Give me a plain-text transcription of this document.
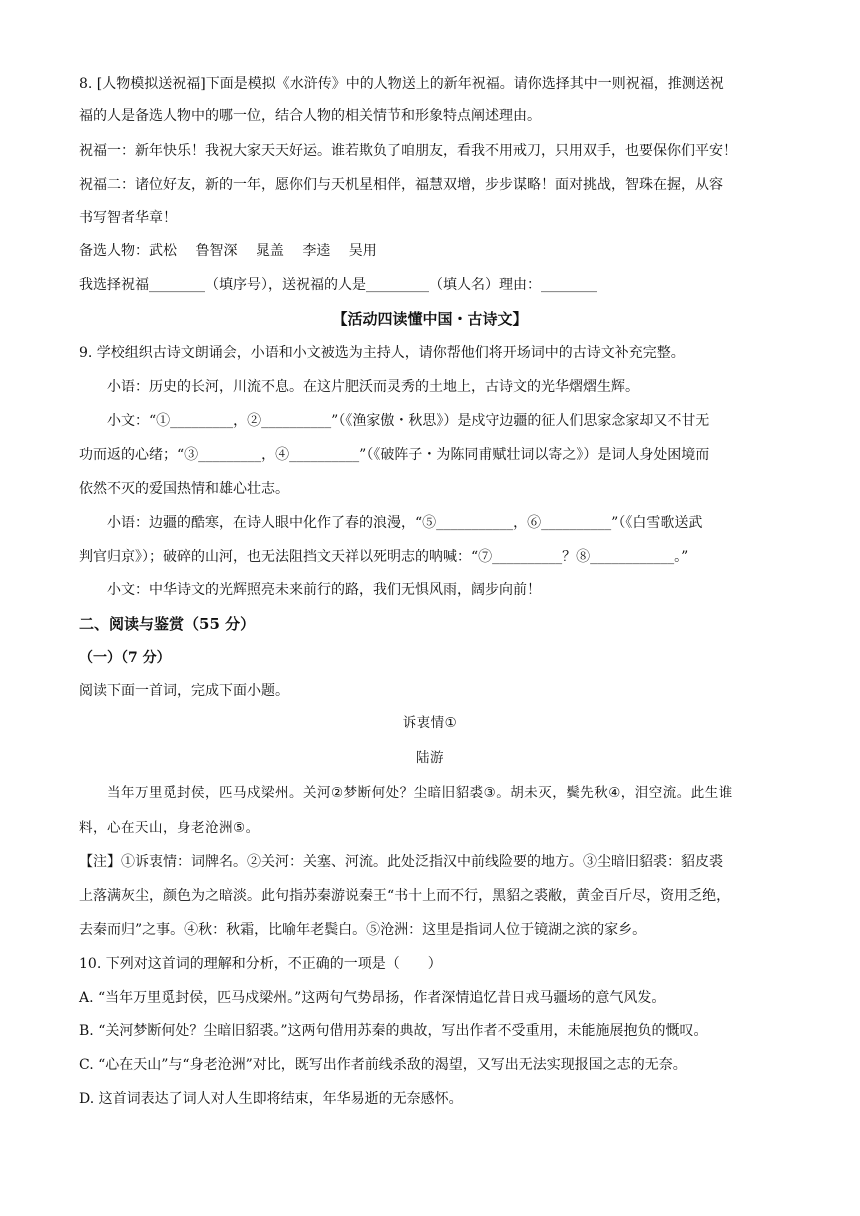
8. [人物模拟送祝福]下面是模拟《水浒传》中的人物送上的新年祝福。请你选择其中一则祝福，推测送祝
福的人是备选人物中的哪一位，结合人物的相关情节和形象特点阐述理由。
祝福一：新年快乐！我祝大家天天好运。谁若欺负了咱朋友，看我不用戒刀，只用双手，也要保你们平安！
祝福二：诸位好友，新的一年，愿你们与天机星相伴，福慧双增，步步谋略！面对挑战，智珠在握，从容
书写智者华章！
备选人物：武松　 鲁智深　 晁盖　 李逵　 吴用
我选择祝福________（填序号），送祝福的人是_________（填人名）理由：________
【活动四读懂中国・古诗文】
9. 学校组织古诗文朗诵会，小语和小文被选为主持人，请你帮他们将开场词中的古诗文补充完整。
小语：历史的长河，川流不息。在这片肥沃而灵秀的土地上，古诗文的光华熠熠生辉。
小文：“①_________，②__________”（《渔家傲・秋思》）是戍守边疆的征人们思家念家却又不甘无
功而返的心绪；“③_________，④__________”（《破阵子・为陈同甫赋壮词以寄之》）是词人身处困境而
依然不灭的爱国热情和雄心壮志。
小语：边疆的酷寒，在诗人眼中化作了春的浪漫，“⑤___________，⑥__________”（《白雪歌送武
判官归京》）；破碎的山河，也无法阻挡文天祥以死明志的呐喊：“⑦__________？⑧____________。”
小文：中华诗文的光辉照亮未来前行的路，我们无惧风雨，阔步向前！
二、阅读与鉴赏（55 分）
（一）（7 分）
阅读下面一首词，完成下面小题。
诉衷情①
陆游
当年万里觅封侯，匹马戍梁州。关河②梦断何处？尘暗旧貂裘③。胡未灭，鬓先秋④，泪空流。此生谁
料，心在天山，身老沧洲⑤。
【注】①诉衷情：词牌名。②关河：关塞、河流。此处泛指汉中前线险要的地方。③尘暗旧貂裘：貂皮裘
上落满灰尘，颜色为之暗淡。此句指苏秦游说秦王“书十上而不行，黑貂之裘敝，黄金百斤尽，资用乏绝，
去秦而归”之事。④秋：秋霜，比喻年老鬓白。⑤沧洲：这里是指词人位于镜湖之滨的家乡。
10. 下列对这首词的理解和分析，不正确的一项是（　　）
A. “当年万里觅封侯，匹马戍梁州。”这两句气势昂扬，作者深情追忆昔日戎马疆场的意气风发。
B. “关河梦断何处？尘暗旧貂裘。”这两句借用苏秦的典故，写出作者不受重用，未能施展抱负的慨叹。
C. “心在天山”与“身老沧洲”对比，既写出作者前线杀敌的渴望，又写出无法实现报国之志的无奈。
D. 这首词表达了词人对人生即将结束，年华易逝的无奈感怀。
